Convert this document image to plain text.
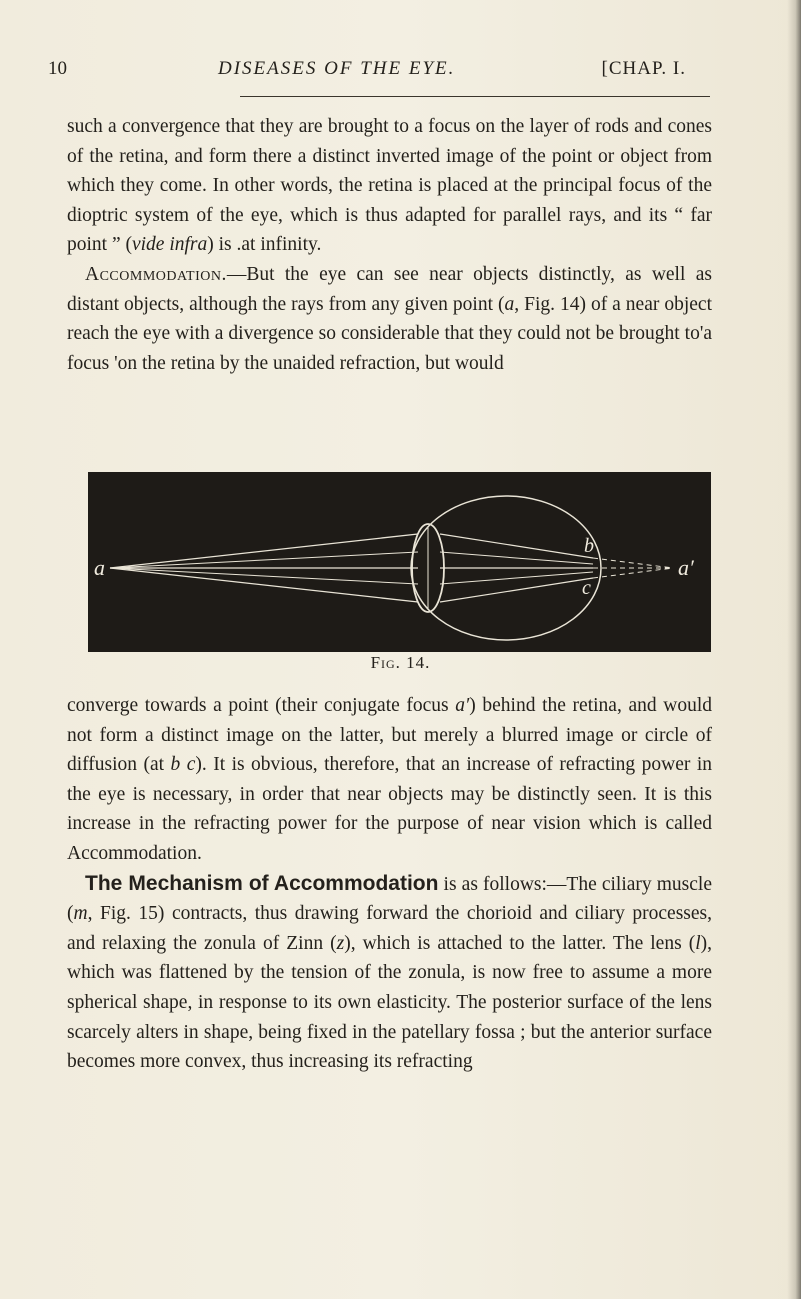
10	DISEASES OF THE EYE.	[CHAP. I.

such a convergence that they are brought to a focus on the layer of rods and cones of the retina, and form there a distinct inverted image of the point or object from which they come. In other words, the retina is placed at the principal focus of the dioptric system of the eye, which is thus adapted for parallel rays, and its “ far point ” (vide infra) is .at infinity.

Accommodation.—But the eye can see near objects distinctly, as well as distant objects, although the rays from any given point (a, Fig. 14) of a near object reach the eye with a divergence so considerable that they could not be brought to'a focus 'on the retina by the unaided refraction, but would

a
b
c
a′
Fig. 14.

converge towards a point (their conjugate focus a′) behind the retina, and would not form a distinct image on the latter, but merely a blurred image or circle of diffusion (at b c). It is obvious, therefore, that an increase of refracting power in the eye is necessary, in order that near objects may be distinctly seen. It is this increase in the refracting power for the purpose of near vision which is called Accommodation.

The Mechanism of Accommodation is as follows:—The ciliary muscle (m, Fig. 15) contracts, thus drawing forward the chorioid and ciliary processes, and relaxing the zonula of Zinn (z), which is attached to the latter. The lens (l), which was flattened by the tension of the zonula, is now free to assume a more spherical shape, in response to its own elasticity. The posterior surface of the lens scarcely alters in shape, being fixed in the patellary fossa ; but the anterior surface becomes more convex, thus increasing its refracting
